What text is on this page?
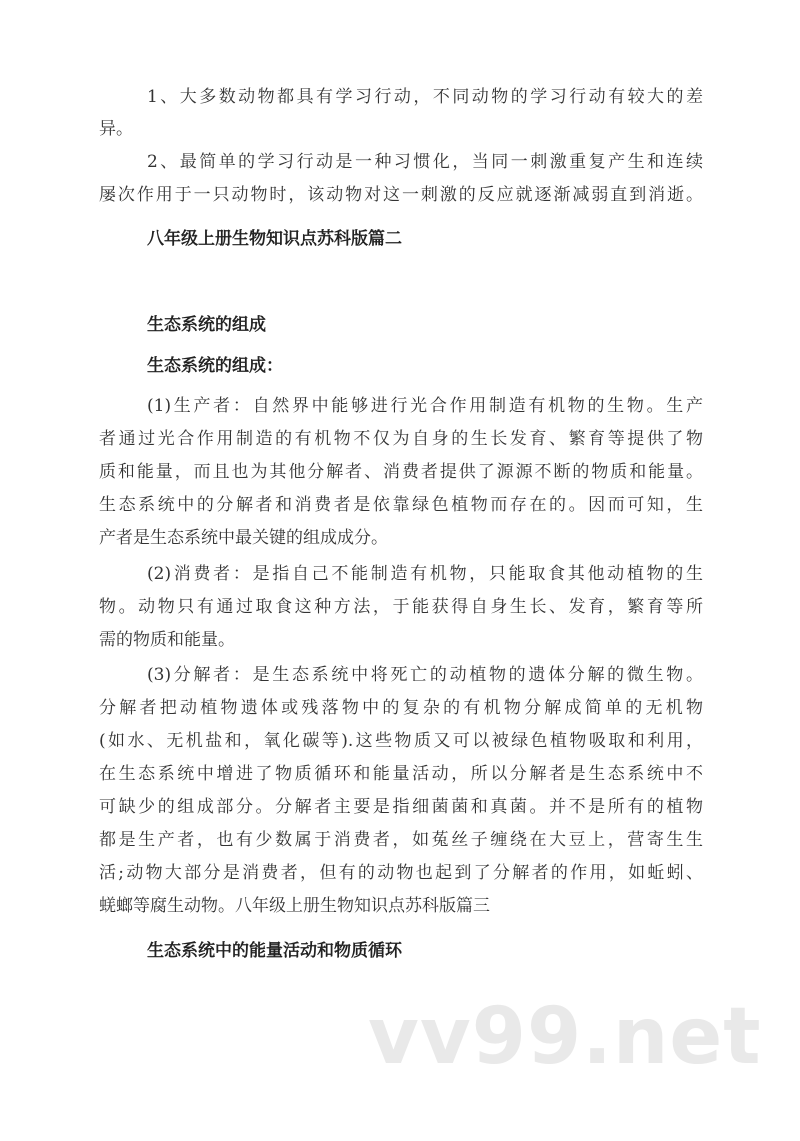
1、大多数动物都具有学习行动，不同动物的学习行动有较大的差
异。
2、最简单的学习行动是一种习惯化，当同一刺激重复产生和连续
屡次作用于一只动物时，该动物对这一刺激的反应就逐渐减弱直到消逝。
八年级上册生物知识点苏科版篇二
生态系统的组成
生态系统的组成：
(1)生产者：自然界中能够进行光合作用制造有机物的生物。生产
者通过光合作用制造的有机物不仅为自身的生长发育、繁育等提供了物
质和能量，而且也为其他分解者、消费者提供了源源不断的物质和能量。
生态系统中的分解者和消费者是依靠绿色植物而存在的。因而可知，生
产者是生态系统中最关键的组成成分。
(2)消费者：是指自己不能制造有机物，只能取食其他动植物的生
物。动物只有通过取食这种方法，于能获得自身生长、发育，繁育等所
需的物质和能量。
(3)分解者：是生态系统中将死亡的动植物的遗体分解的微生物。
分解者把动植物遗体或残落物中的复杂的有机物分解成简单的无机物
(如水、无机盐和，氧化碳等).这些物质又可以被绿色植物吸取和利用，
在生态系统中增进了物质循环和能量活动，所以分解者是生态系统中不
可缺少的组成部分。分解者主要是指细菌菌和真菌。并不是所有的植物
都是生产者，也有少数属于消费者，如菟丝子缠绕在大豆上，营寄生生
活;动物大部分是消费者，但有的动物也起到了分解者的作用，如蚯蚓、
蜣螂等腐生动物。八年级上册生物知识点苏科版篇三
生态系统中的能量活动和物质循环
vv99.net
